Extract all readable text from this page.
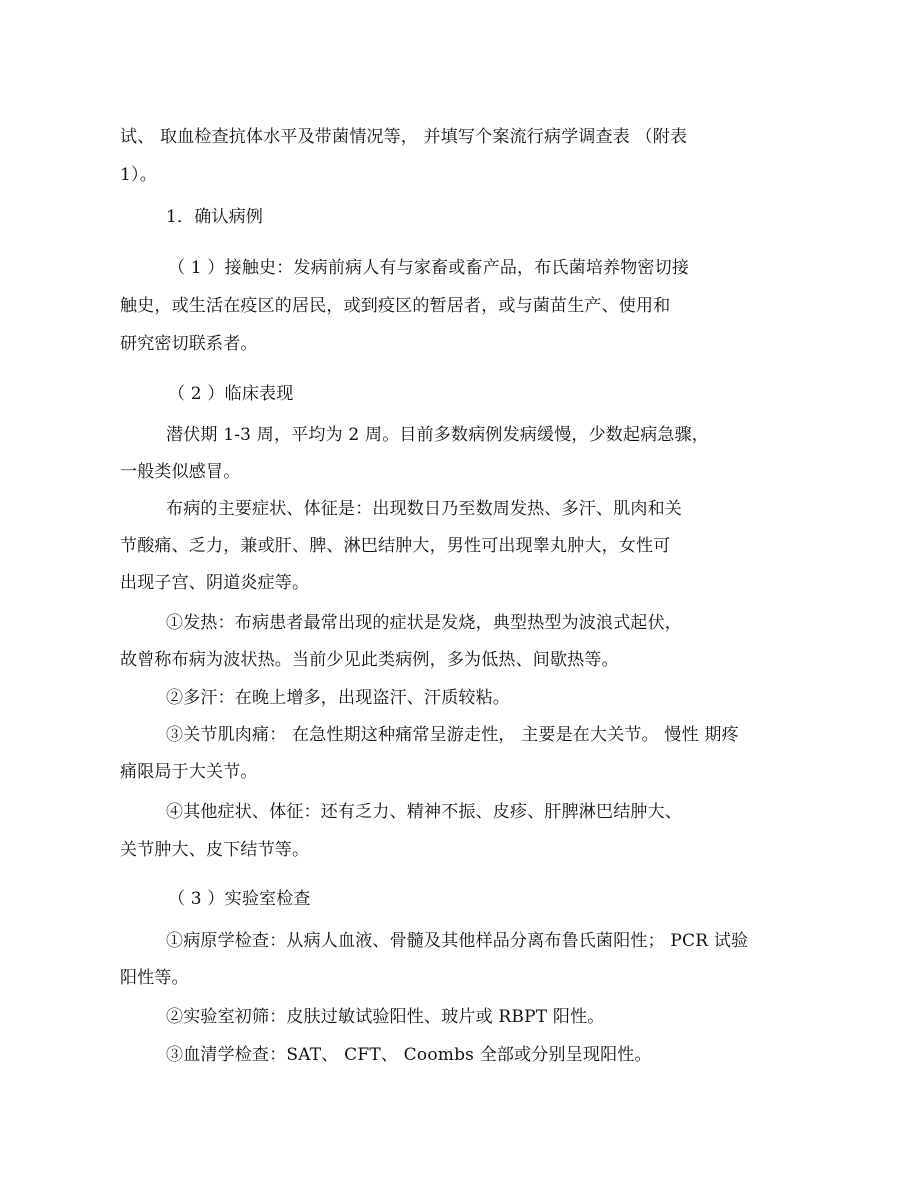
试、 取血检查抗体水平及带菌情况等， 并填写个案流行病学调查表 （附表
1）。
1．确认病例
（ 1 ）接触史：发病前病人有与家畜或畜产品，布氏菌培养物密切接
触史，或生活在疫区的居民，或到疫区的暂居者，或与菌苗生产、使用和
研究密切联系者。
（ 2 ）临床表现
潜伏期 1-3 周，平均为 2 周。目前多数病例发病缓慢，少数起病急骤，
一般类似感冒。
布病的主要症状、体征是：出现数日乃至数周发热、多汗、肌肉和关
节酸痛、乏力，兼或肝、脾、淋巴结肿大，男性可出现睾丸肿大，女性可
出现子宫、阴道炎症等。
①发热：布病患者最常出现的症状是发烧，典型热型为波浪式起伏，
故曾称布病为波状热。当前少见此类病例，多为低热、间歇热等。
②多汗：在晚上增多，出现盗汗、汗质较粘。
③关节肌肉痛： 在急性期这种痛常呈游走性， 主要是在大关节。 慢性 期疼
痛限局于大关节。
④其他症状、体征：还有乏力、精神不振、皮疹、肝脾淋巴结肿大、
关节肿大、皮下结节等。
（ 3 ）实验室检查
①病原学检查：从病人血液、骨髓及其他样品分离布鲁氏菌阳性； PCR 试验
阳性等。
②实验室初筛：皮肤过敏试验阳性、玻片或 RBPT 阳性。
③血清学检查：SAT、 CFT、 Coombs 全部或分别呈现阳性。
